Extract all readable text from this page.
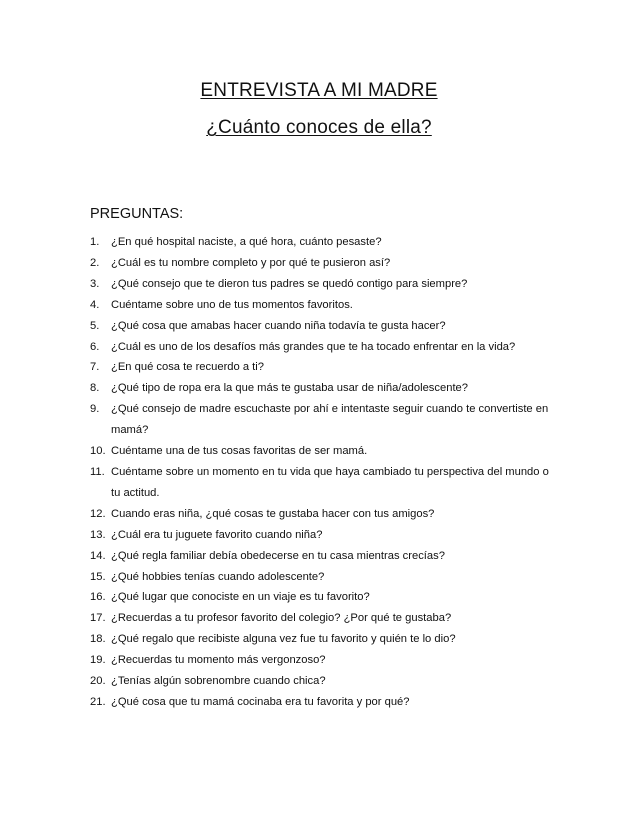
ENTREVISTA A MI MADRE
¿Cuánto conoces de ella?
PREGUNTAS:
1.	¿En qué hospital naciste, a qué hora, cuánto pesaste?
2.	¿Cuál es tu nombre completo y por qué te pusieron así?
3.	¿Qué consejo que te dieron tus padres se quedó contigo para siempre?
4.	Cuéntame sobre uno de tus momentos favoritos.
5.	¿Qué cosa que amabas hacer cuando niña todavía te gusta hacer?
6.	¿Cuál es uno de los desafíos más grandes que te ha tocado enfrentar en la vida?
7.	¿En qué cosa te recuerdo a ti?
8.	¿Qué tipo de ropa era la que más te gustaba usar de niña/adolescente?
9.	¿Qué consejo de madre escuchaste por ahí e intentaste seguir cuando te convertiste en mamá?
10. Cuéntame una de tus cosas favoritas de ser mamá.
11. Cuéntame sobre un momento en tu vida que haya cambiado tu perspectiva del mundo o tu actitud.
12. Cuando eras niña, ¿qué cosas te gustaba hacer con tus amigos?
13. ¿Cuál era tu juguete favorito cuando niña?
14. ¿Qué regla familiar debía obedecerse en tu casa mientras crecías?
15. ¿Qué hobbies tenías cuando adolescente?
16. ¿Qué lugar que conociste en un viaje es tu favorito?
17. ¿Recuerdas a tu profesor favorito del colegio? ¿Por qué te gustaba?
18. ¿Qué regalo que recibiste alguna vez fue tu favorito y quién te lo dio?
19. ¿Recuerdas tu momento más vergonzoso?
20. ¿Tenías algún sobrenombre cuando chica?
21. ¿Qué cosa que tu mamá cocinaba era tu favorita y por qué?
